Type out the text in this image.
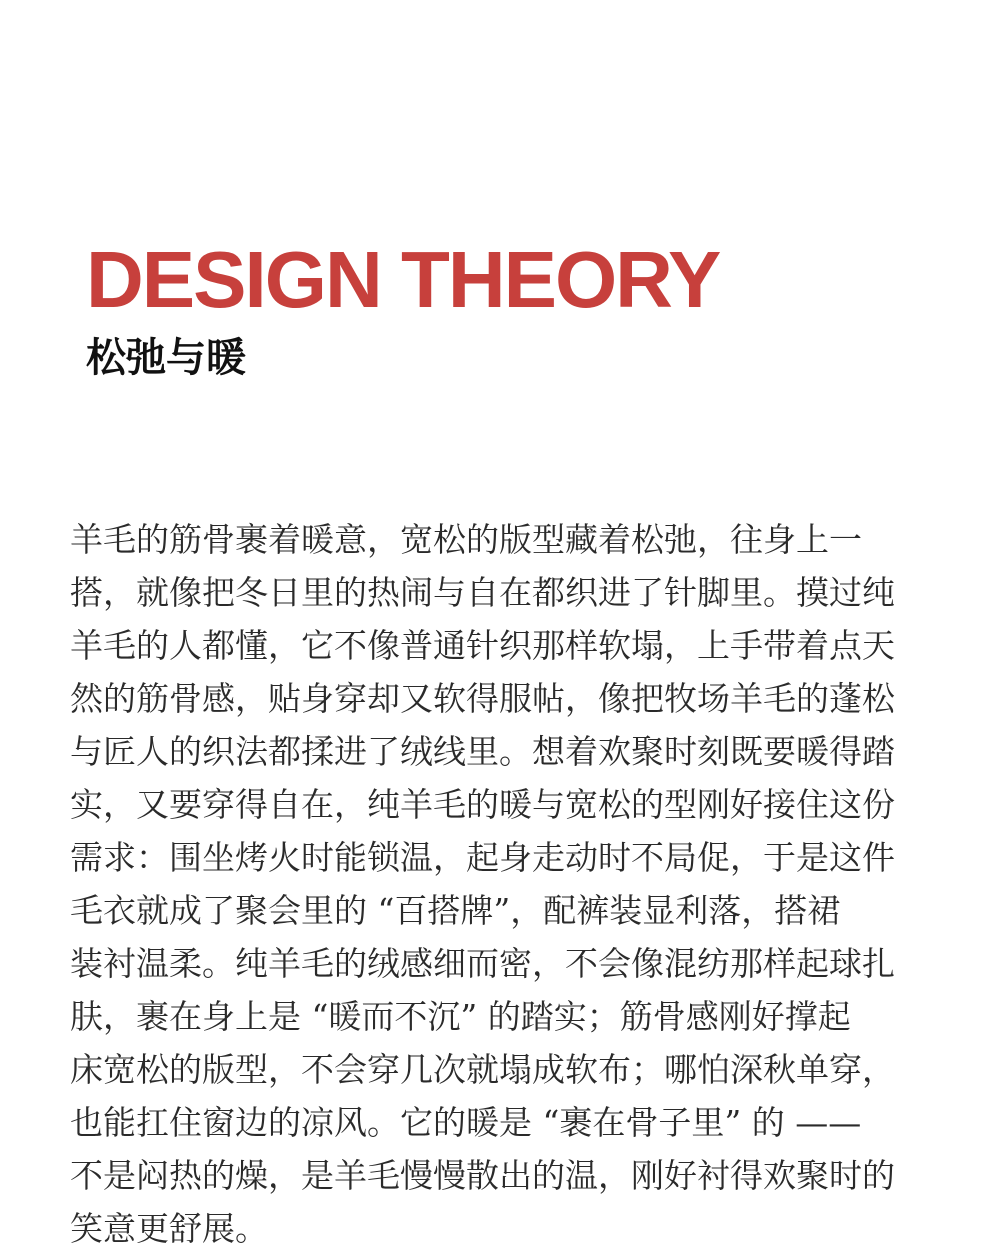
DESIGN THEORY
松弛与暖
羊毛的筋骨裹着暖意，宽松的版型藏着松弛，往身上一
搭，就像把冬日里的热闹与自在都织进了针脚里。摸过纯
羊毛的人都懂，它不像普通针织那样软塌，上手带着点天
然的筋骨感，贴身穿却又软得服帖，像把牧场羊毛的蓬松
与匠人的织法都揉进了绒线里。想着欢聚时刻既要暖得踏
实，又要穿得自在，纯羊毛的暖与宽松的型刚好接住这份
需求：围坐烤火时能锁温，起身走动时不局促，于是这件
毛衣就成了聚会里的 “百搭牌”，配裤装显利落，搭裙
装衬温柔。纯羊毛的绒感细而密，不会像混纺那样起球扎
肤，裹在身上是 “暖而不沉” 的踏实；筋骨感刚好撑起
床宽松的版型，不会穿几次就塌成软布；哪怕深秋单穿，
也能扛住窗边的凉风。它的暖是 “裹在骨子里” 的 ——
不是闷热的燥，是羊毛慢慢散出的温，刚好衬得欢聚时的
笑意更舒展。
